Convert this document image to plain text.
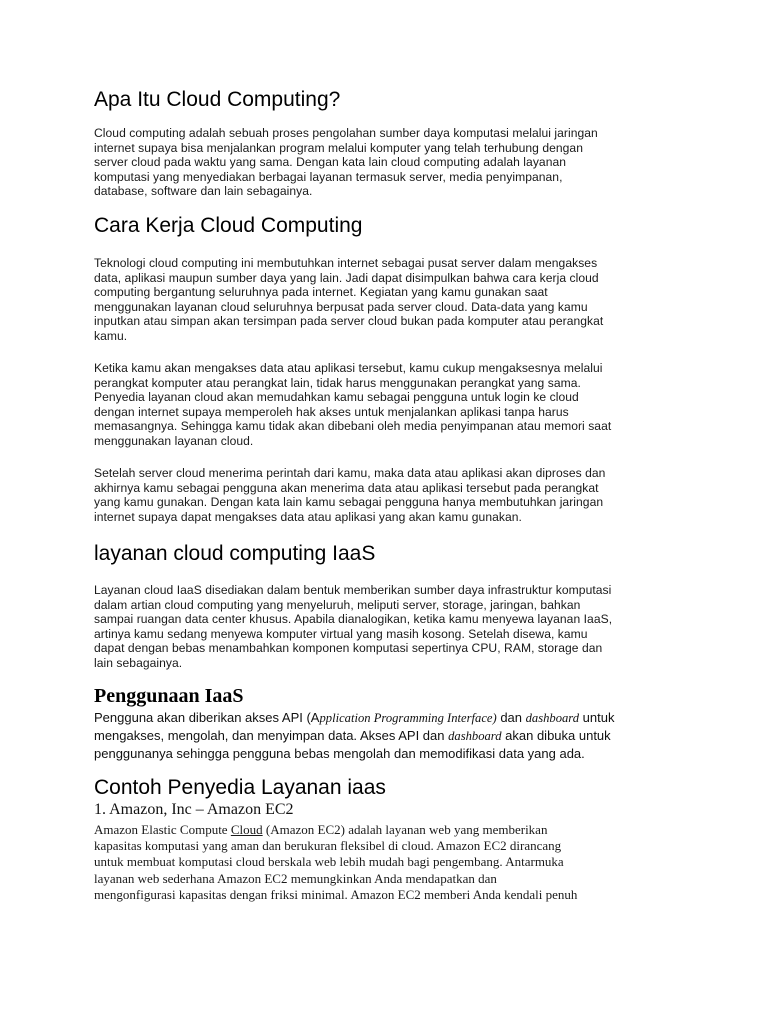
Apa Itu Cloud Computing?
Cloud computing adalah sebuah proses pengolahan sumber daya komputasi melalui jaringan
internet supaya bisa menjalankan program melalui komputer yang telah terhubung dengan
server cloud pada waktu yang sama. Dengan kata lain cloud computing adalah layanan
komputasi yang menyediakan berbagai layanan termasuk server, media penyimpanan,
database, software dan lain sebagainya.
Cara Kerja Cloud Computing
Teknologi cloud computing ini membutuhkan internet sebagai pusat server dalam mengakses
data, aplikasi maupun sumber daya yang lain. Jadi dapat disimpulkan bahwa cara kerja cloud
computing bergantung seluruhnya pada internet. Kegiatan yang kamu gunakan saat
menggunakan layanan cloud seluruhnya berpusat pada server cloud. Data-data yang kamu
inputkan atau simpan akan tersimpan pada server cloud bukan pada komputer atau perangkat
kamu.
Ketika kamu akan mengakses data atau aplikasi tersebut, kamu cukup mengaksesnya melalui
perangkat komputer atau perangkat lain, tidak harus menggunakan perangkat yang sama.
Penyedia layanan cloud akan memudahkan kamu sebagai pengguna untuk login ke cloud
dengan internet supaya memperoleh hak akses untuk menjalankan aplikasi tanpa harus
memasangnya. Sehingga kamu tidak akan dibebani oleh media penyimpanan atau memori saat
menggunakan layanan cloud.
Setelah server cloud menerima perintah dari kamu, maka data atau aplikasi akan diproses dan
akhirnya kamu sebagai pengguna akan menerima data atau aplikasi tersebut pada perangkat
yang kamu gunakan. Dengan kata lain kamu sebagai pengguna hanya membutuhkan jaringan
internet supaya dapat mengakses data atau aplikasi yang akan kamu gunakan.
layanan cloud computing IaaS
Layanan cloud IaaS disediakan dalam bentuk memberikan sumber daya infrastruktur komputasi
dalam artian cloud computing yang menyeluruh, meliputi server, storage, jaringan, bahkan
sampai ruangan data center khusus. Apabila dianalogikan, ketika kamu menyewa layanan IaaS,
artinya kamu sedang menyewa komputer virtual yang masih kosong. Setelah disewa, kamu
dapat dengan bebas menambahkan komponen komputasi sepertinya CPU, RAM, storage dan
lain sebagainya.
Penggunaan IaaS
Pengguna akan diberikan akses API (Application Programming Interface) dan dashboard untuk
mengakses, mengolah, dan menyimpan data. Akses API dan dashboard akan dibuka untuk
penggunanya sehingga pengguna bebas mengolah dan memodifikasi data yang ada.
Contoh Penyedia Layanan iaas
1. Amazon, Inc – Amazon EC2
Amazon Elastic Compute Cloud (Amazon EC2) adalah layanan web yang memberikan
kapasitas komputasi yang aman dan berukuran fleksibel di cloud. Amazon EC2 dirancang
untuk membuat komputasi cloud berskala web lebih mudah bagi pengembang. Antarmuka
layanan web sederhana Amazon EC2 memungkinkan Anda mendapatkan dan
mengonfigurasi kapasitas dengan friksi minimal. Amazon EC2 memberi Anda kendali penuh
